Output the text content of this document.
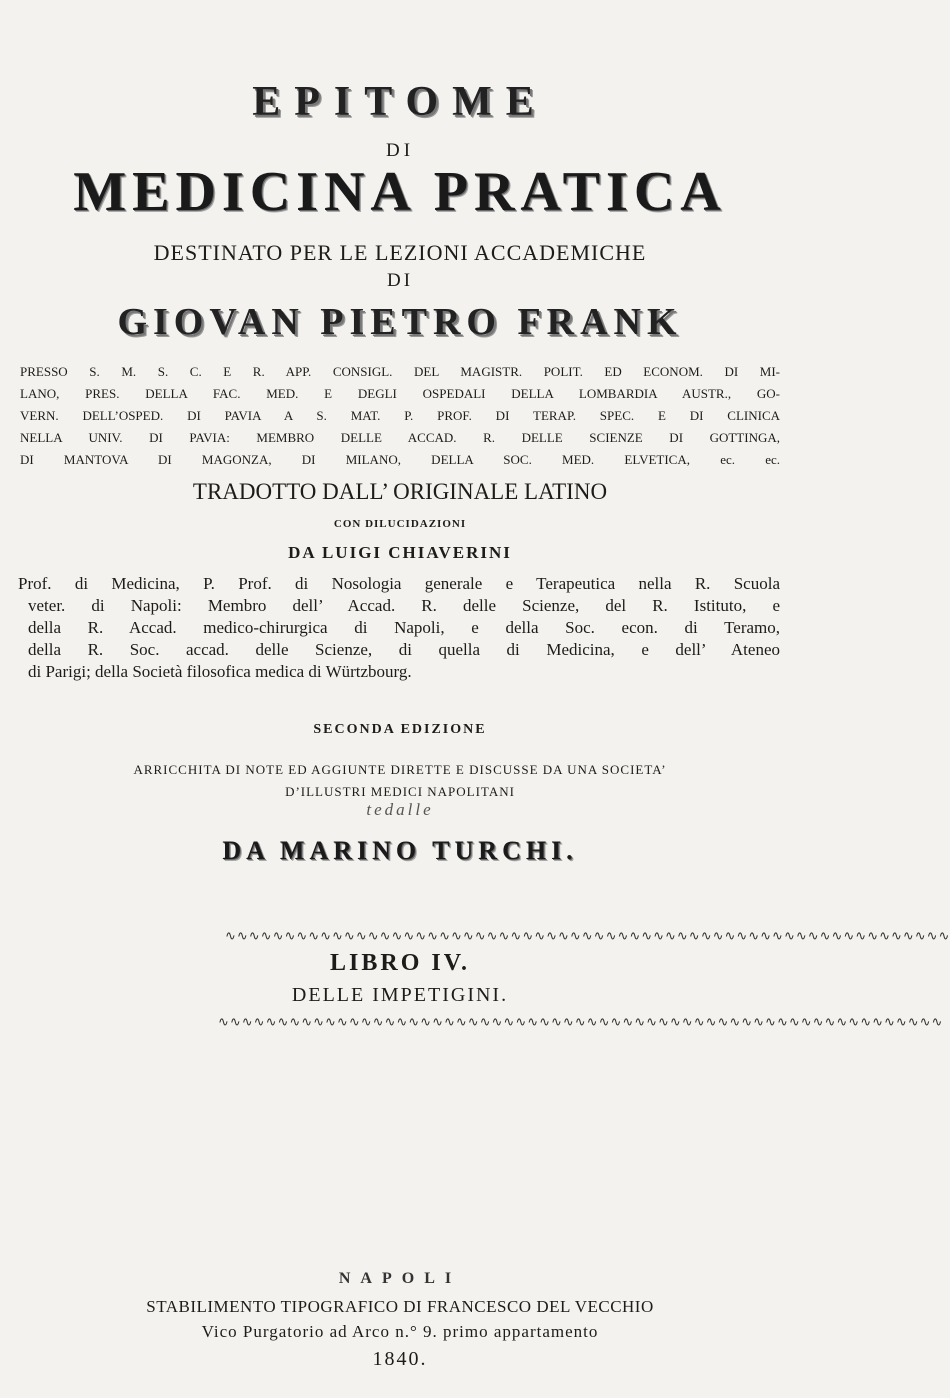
EPITOME
DI
MEDICINA PRATICA
DESTINATO PER LE LEZIONI ACCADEMICHE
DI
GIOVAN PIETRO FRANK
PRESSO S. M. S. C. E R. APP. CONSIGL. DEL MAGISTR. POLIT. ED ECONOM. DI MI-
LANO, PRES. DELLA FAC. MED. E DEGLI OSPEDALI DELLA LOMBARDIA AUSTR., GO-
VERN. DELL’OSPED. DI PAVIA A S. MAT. P. PROF. DI TERAP. SPEC. E DI CLINICA
NELLA UNIV. DI PAVIA: MEMBRO DELLE ACCAD. R. DELLE SCIENZE DI GOTTINGA,
DI MANTOVA DI MAGONZA, DI MILANO, DELLA SOC. MED. ELVETICA, ec. ec.
TRADOTTO DALL’ ORIGINALE LATINO
CON DILUCIDAZIONI
DA LUIGI CHIAVERINI
Prof. di Medicina, P. Prof. di Nosologia generale e Terapeutica nella R. Scuola
veter. di Napoli: Membro dell’ Accad. R. delle Scienze, del R. Istituto, e
della R. Accad. medico-chirurgica di Napoli, e della Soc. econ. di Teramo,
della R. Soc. accad. delle Scienze, di quella di Medicina, e dell’ Ateneo
di Parigi; della Società filosofica medica di Würtzbourg.
SECONDA EDIZIONE
ARRICCHITA DI NOTE ED AGGIUNTE DIRETTE E DISCUSSE DA UNA SOCIETA’
D’ILLUSTRI MEDICI NAPOLITANI
tedalle
DA MARINO TURCHI.
∿∿∿∿∿∿∿∿∿∿∿∿∿∿∿∿∿∿∿∿∿∿∿∿∿∿∿∿∿∿∿∿∿∿∿∿∿∿∿∿∿∿∿∿∿∿∿∿∿∿∿∿∿∿∿∿∿∿∿∿∿
LIBRO IV.
DELLE IMPETIGINI.
∿∿∿∿∿∿∿∿∿∿∿∿∿∿∿∿∿∿∿∿∿∿∿∿∿∿∿∿∿∿∿∿∿∿∿∿∿∿∿∿∿∿∿∿∿∿∿∿∿∿∿∿∿∿∿∿∿∿∿∿∿
NAPOLI
STABILIMENTO TIPOGRAFICO DI FRANCESCO DEL VECCHIO
Vico Purgatorio ad Arco n.° 9. primo appartamento
1840.
